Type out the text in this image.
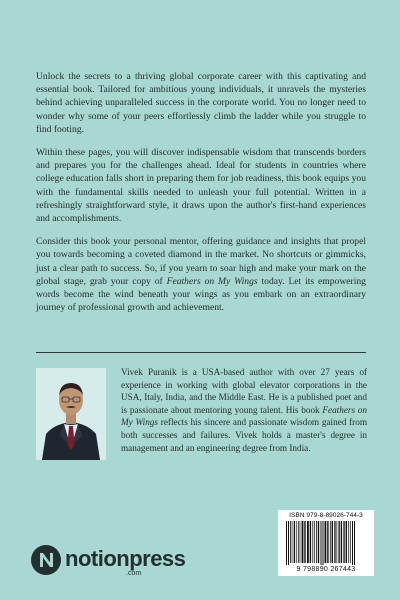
Unlock the secrets to a thriving global corporate career with this captivating and essential book. Tailored for ambitious young individuals, it unravels the mysteries behind achieving unparalleled success in the corporate world. You no longer need to wonder why some of your peers effortlessly climb the ladder while you struggle to find footing.

Within these pages, you will discover indispensable wisdom that transcends borders and prepares you for the challenges ahead. Ideal for students in countries where college education falls short in preparing them for job readiness, this book equips you with the fundamental skills needed to unleash your full potential. Written in a refreshingly straightforward style, it draws upon the author's first-hand experiences and accomplishments.

Consider this book your personal mentor, offering guidance and insights that propel you towards becoming a coveted diamond in the market. No shortcuts or gimmicks, just a clear path to success. So, if you yearn to soar high and make your mark on the global stage, grab your copy of Feathers on My Wings today. Let its empowering words become the wind beneath your wings as you embark on an extraordinary journey of professional growth and achievement.

Vivek Puranik is a USA-based author with over 27 years of experience in working with global elevator corporations in the USA, Italy, India, and the Middle East. He is a published poet and is passionate about mentoring young talent. His book Feathers on My Wings reflects his sincere and passionate wisdom gained from both successes and failures. Vivek holds a master's degree in management and an engineering degree from India.

notionpress
.com
ISBN 979-8-89026-744-3
9 798890 267443
